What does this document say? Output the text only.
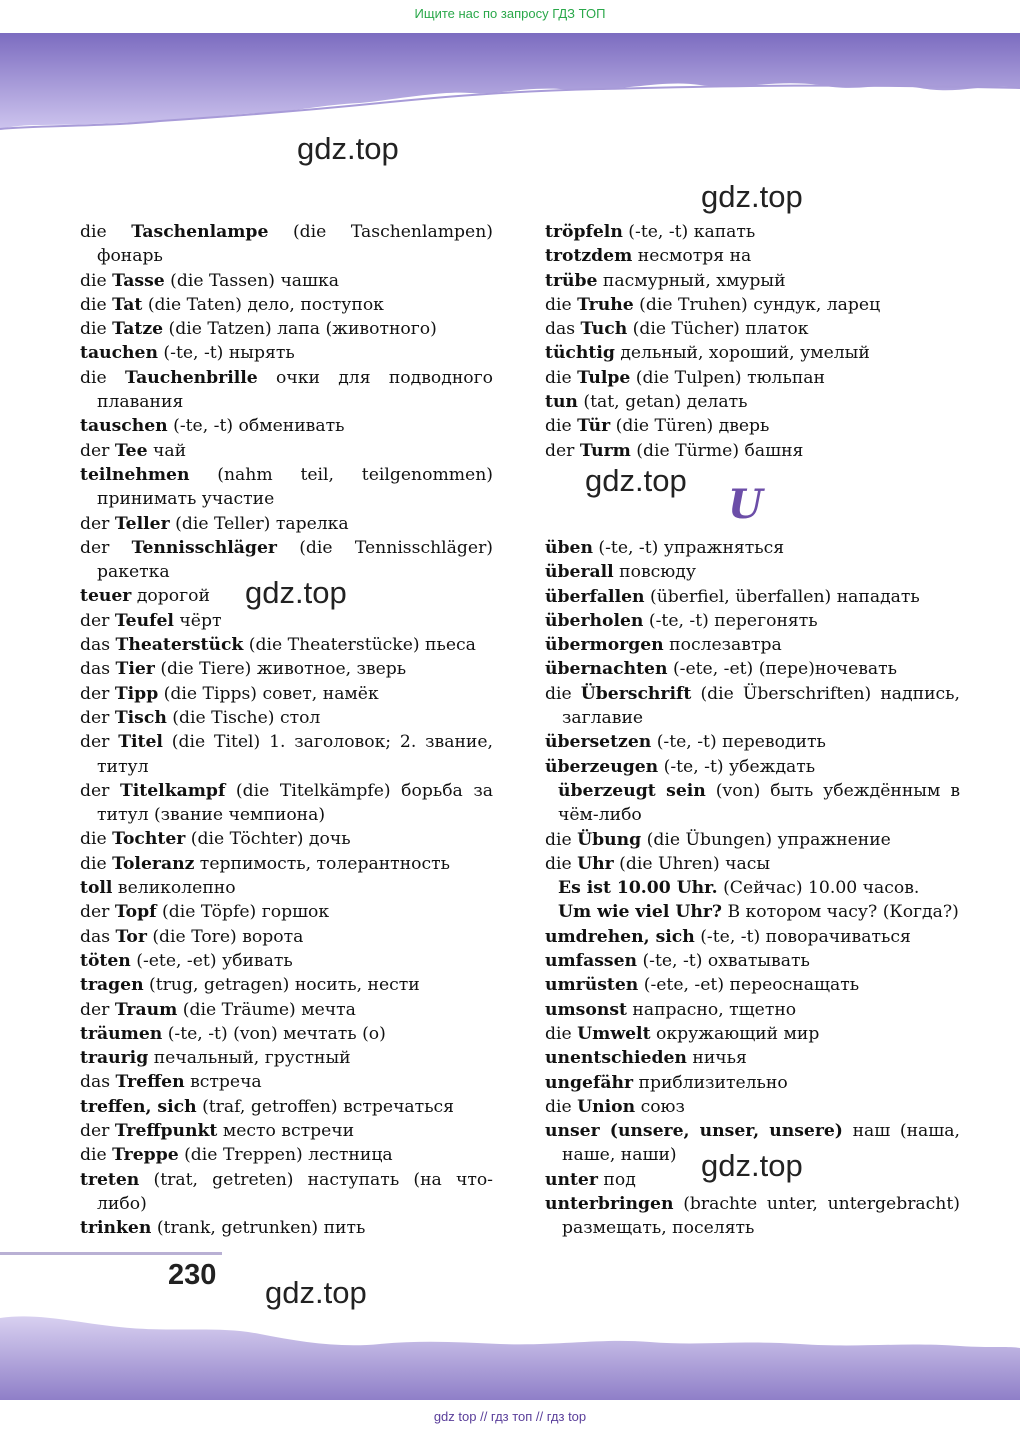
Ищите нас по запросу ГДЗ ТОП
gdz.top
gdz.top
gdz.top
gdz.top
gdz.top
gdz.top
die Taschenlampe (die Taschenlampen) фонарь
die Tasse (die Tassen) чашка
die Tat (die Taten) дело, поступок
die Tatze (die Tatzen) лапа (животного)
tauchen (-te, -t) нырять
die Tauchenbrille очки для подводного плавания
tauschen (-te, -t) обменивать
der Tee чай
teilnehmen (nahm teil, teilgenommen) принимать участие
der Teller (die Teller) тарелка
der Tennisschläger (die Tennisschläger) ракетка
teuer дорогой
der Teufel чёрт
das Theaterstück (die Theaterstücke) пьеса
das Tier (die Tiere) животное, зверь
der Tipp (die Tipps) совет, намёк
der Tisch (die Tische) стол
der Titel (die Titel) 1. заголовок; 2. звание, титул
der Titelkampf (die Titelkämpfe) борьба за титул (звание чемпиона)
die Tochter (die Töchter) дочь
die Toleranz терпимость, толерантность
toll великолепно
der Topf (die Töpfe) горшок
das Tor (die Tore) ворота
töten (-ete, -et) убивать
tragen (trug, getragen) носить, нести
der Traum (die Träume) мечта
träumen (-te, -t) (von) мечтать (о)
traurig печальный, грустный
das Treffen встреча
treffen, sich (traf, getroffen) встречаться
der Treffpunkt место встречи
die Treppe (die Treppen) лестница
treten (trat, getreten) наступать (на что-либо)
trinken (trank, getrunken) пить
tröpfeln (-te, -t) капать
trotzdem несмотря на
trübe пасмурный, хмурый
die Truhe (die Truhen) сундук, ларец
das Tuch (die Tücher) платок
tüchtig дельный, хороший, умелый
die Tulpe (die Tulpen) тюльпан
tun (tat, getan) делать
die Tür (die Türen) дверь
der Turm (die Türme) башня
üben (-te, -t) упражняться
überall повсюду
überfallen (überfiel, überfallen) нападать
überholen (-te, -t) перегонять
übermorgen послезавтра
übernachten (-ete, -et) (пере)ночевать
die Überschrift (die Überschriften) надпись, заглавие
übersetzen (-te, -t) переводить
überzeugen (-te, -t) убеждать
überzeugt sein (von) быть убеждённым в чём-либо
die Übung (die Übungen) упражнение
die Uhr (die Uhren) часы
Es ist 10.00 Uhr. (Сейчас) 10.00 часов.
Um wie viel Uhr? В котором часу? (Когда?)
umdrehen, sich (-te, -t) поворачиваться
umfassen (-te, -t) охватывать
umrüsten (-ete, -et) переоснащать
umsonst напрасно, тщетно
die Umwelt окружающий мир
unentschieden ничья
ungefähr приблизительно
die Union союз
unser (unsere, unser, unsere) наш (наша, наше, наши)
unter под
unterbringen (brachte unter, untergebracht) размещать, поселять
U
230
gdz top // гдз топ // гдз top
